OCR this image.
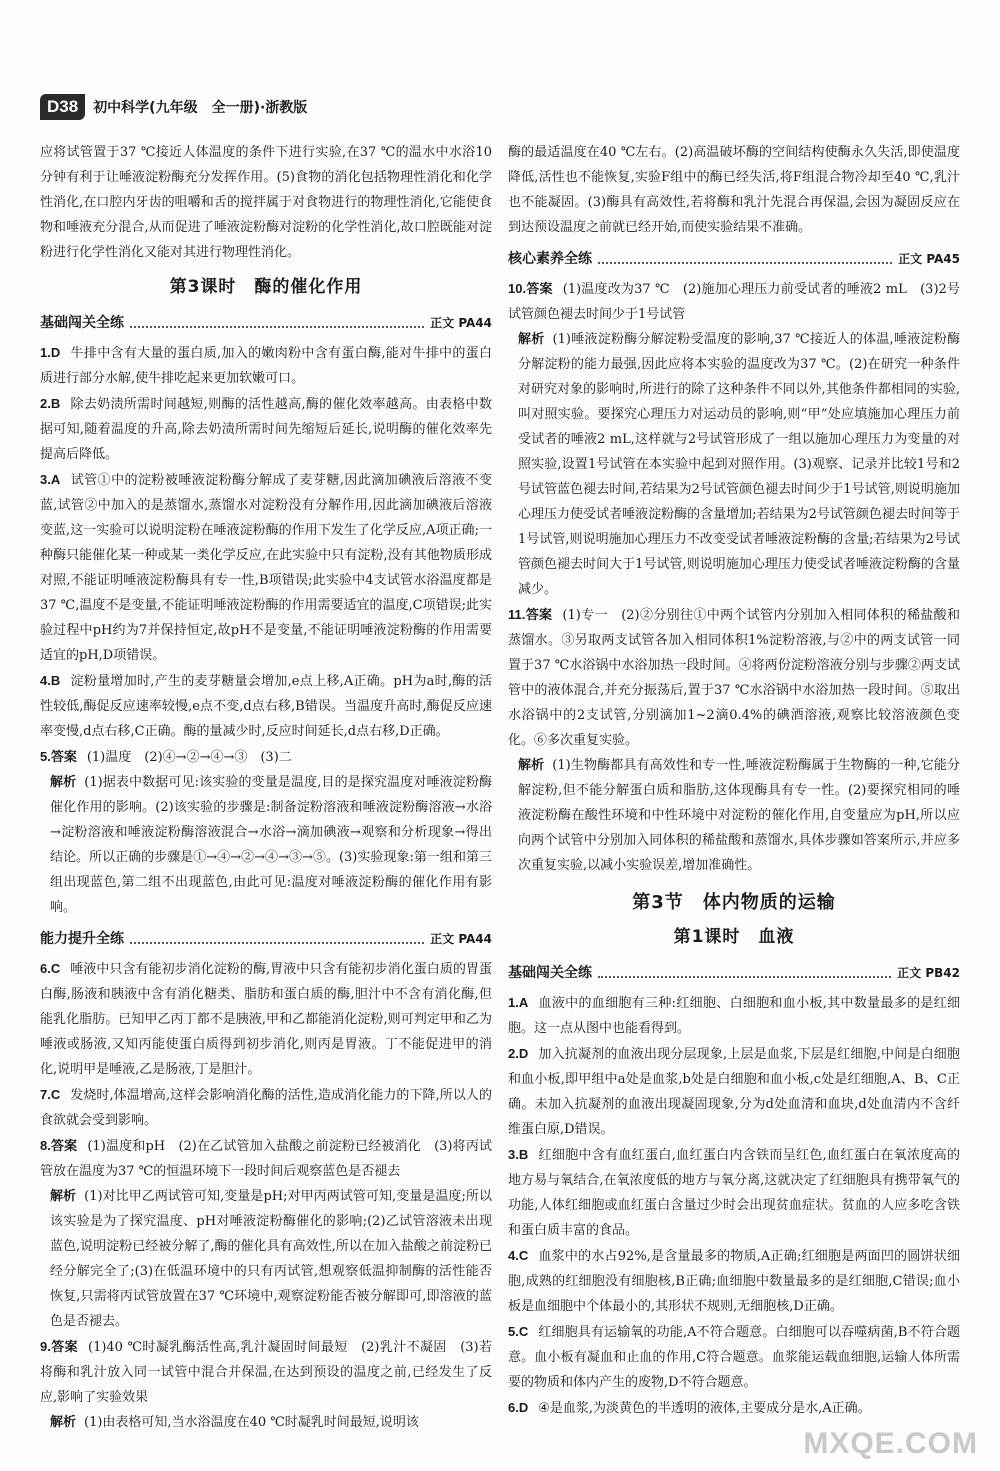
D38	初中科学(九年级　全一册)·浙教版

应将试管置于37 ℃接近人体温度的条件下进行实验,在37 ℃的温水中水浴10分钟有利于让唾液淀粉酶充分发挥作用。(5)食物的消化包括物理性消化和化学性消化,在口腔内牙齿的咀嚼和舌的搅拌属于对食物进行的物理性消化,它能使食物和唾液充分混合,从而促进了唾液淀粉酶对淀粉的化学性消化,故口腔既能对淀粉进行化学性消化又能对其进行物理性消化。

第3课时　酶的催化作用
基础闯关全练	正文 PA44

1.D 牛排中含有大量的蛋白质,加入的嫩肉粉中含有蛋白酶,能对牛排中的蛋白质进行部分水解,使牛排吃起来更加软嫩可口。

2.B 除去奶渍所需时间越短,则酶的活性越高,酶的催化效率越高。由表格中数据可知,随着温度的升高,除去奶渍所需时间先缩短后延长,说明酶的催化效率先提高后降低。

3.A 试管①中的淀粉被唾液淀粉酶分解成了麦芽糖,因此滴加碘液后溶液不变蓝,试管②中加入的是蒸馏水,蒸馏水对淀粉没有分解作用,因此滴加碘液后溶液变蓝,这一实验可以说明淀粉在唾液淀粉酶的作用下发生了化学反应,A项正确;一种酶只能催化某一种或某一类化学反应,在此实验中只有淀粉,没有其他物质形成对照,不能证明唾液淀粉酶具有专一性,B项错误;此实验中4支试管水浴温度都是37 ℃,温度不是变量,不能证明唾液淀粉酶的作用需要适宜的温度,C项错误;此实验过程中pH约为7并保持恒定,故pH不是变量,不能证明唾液淀粉酶的作用需要适宜的pH,D项错误。

4.B 淀粉量增加时,产生的麦芽糖量会增加,e点上移,A正确。pH为a时,酶的活性较低,酶促反应速率较慢,e点不变,d点右移,B错误。当温度升高时,酶促反应速率变慢,d点右移,C正确。酶的量减少时,反应时间延长,d点右移,D正确。

5.答案 (1)温度　(2)④→②→④→③　(3)二

解析 (1)据表中数据可见:该实验的变量是温度,目的是探究温度对唾液淀粉酶催化作用的影响。(2)该实验的步骤是:制备淀粉溶液和唾液淀粉酶溶液→水浴→淀粉溶液和唾液淀粉酶溶液混合→水浴→滴加碘液→观察和分析现象→得出结论。所以正确的步骤是①→④→②→④→③→⑤。(3)实验现象:第一组和第三组出现蓝色,第二组不出现蓝色,由此可见:温度对唾液淀粉酶的催化作用有影响。

能力提升全练	正文 PA44

6.C 唾液中只含有能初步消化淀粉的酶,胃液中只含有能初步消化蛋白质的胃蛋白酶,肠液和胰液中含有消化糖类、脂肪和蛋白质的酶,胆汁中不含有消化酶,但能乳化脂肪。已知甲乙丙丁都不是胰液,甲和乙都能消化淀粉,则可判定甲和乙为唾液或肠液,又知丙能使蛋白质得到初步消化,则丙是胃液。丁不能促进甲的消化,说明甲是唾液,乙是肠液,丁是胆汁。

7.C 发烧时,体温增高,这样会影响消化酶的活性,造成消化能力的下降,所以人的食欲就会受到影响。

8.答案 (1)温度和pH　(2)在乙试管加入盐酸之前淀粉已经被消化　(3)将丙试管放在温度为37 ℃的恒温环境下一段时间后观察蓝色是否褪去

解析 (1)对比甲乙两试管可知,变量是pH;对甲丙两试管可知,变量是温度;所以该实验是为了探究温度、pH对唾液淀粉酶催化的影响;(2)乙试管溶液未出现蓝色,说明淀粉已经被分解了,酶的催化具有高效性,所以在加入盐酸之前淀粉已经分解完全了;(3)在低温环境中的只有丙试管,想观察低温抑制酶的活性能否恢复,只需将丙试管放置在37 ℃环境中,观察淀粉能否被分解即可,即溶液的蓝色是否褪去。

9.答案 (1)40 ℃时凝乳酶活性高,乳汁凝固时间最短　(2)乳汁不凝固　(3)若将酶和乳汁放入同一试管中混合并保温,在达到预设的温度之前,已经发生了反应,影响了实验效果

解析 (1)由表格可知,当水浴温度在40 ℃时凝乳时间最短,说明该

酶的最适温度在40 ℃左右。(2)高温破坏酶的空间结构使酶永久失活,即使温度降低,活性也不能恢复,实验F组中的酶已经失活,将F组混合物冷却至40 ℃,乳汁也不能凝固。(3)酶具有高效性,若将酶和乳汁先混合再保温,会因为凝固反应在到达预设温度之前就已经开始,而使实验结果不准确。

核心素养全练	正文 PA45

10.答案 (1)温度改为37 ℃　(2)施加心理压力前受试者的唾液2 mL　(3)2号试管颜色褪去时间少于1号试管

解析 (1)唾液淀粉酶分解淀粉受温度的影响,37 ℃接近人的体温,唾液淀粉酶分解淀粉的能力最强,因此应将本实验的温度改为37 ℃。(2)在研究一种条件对研究对象的影响时,所进行的除了这种条件不同以外,其他条件都相同的实验,叫对照实验。要探究心理压力对运动员的影响,则“甲”处应填施加心理压力前受试者的唾液2 mL,这样就与2号试管形成了一组以施加心理压力为变量的对照实验,设置1号试管在本实验中起到对照作用。(3)观察、记录并比较1号和2号试管蓝色褪去时间,若结果为2号试管颜色褪去时间少于1号试管,则说明施加心理压力使受试者唾液淀粉酶的含量增加;若结果为2号试管颜色褪去时间等于1号试管,则说明施加心理压力不改变受试者唾液淀粉酶的含量;若结果为2号试管颜色褪去时间大于1号试管,则说明施加心理压力使受试者唾液淀粉酶的含量减少。

11.答案 (1)专一　(2)②分别往①中两个试管内分别加入相同体积的稀盐酸和蒸馏水。③另取两支试管各加入相同体积1%淀粉溶液,与②中的两支试管一同置于37 ℃水浴锅中水浴加热一段时间。④将两份淀粉溶液分别与步骤②两支试管中的液体混合,并充分振荡后,置于37 ℃水浴锅中水浴加热一段时间。⑤取出水浴锅中的2支试管,分别滴加1~2滴0.4%的碘酒溶液,观察比较溶液颜色变化。⑥多次重复实验。

解析 (1)生物酶都具有高效性和专一性,唾液淀粉酶属于生物酶的一种,它能分解淀粉,但不能分解蛋白质和脂肪,这体现酶具有专一性。(2)要探究相同的唾液淀粉酶在酸性环境和中性环境中对淀粉的催化作用,自变量应为pH,所以应向两个试管中分别加入同体积的稀盐酸和蒸馏水,具体步骤如答案所示,并应多次重复实验,以减小实验误差,增加准确性。

第3节　体内物质的运输
第1课时　血液
基础闯关全练	正文 PB42

1.A 血液中的血细胞有三种:红细胞、白细胞和血小板,其中数量最多的是红细胞。这一点从图中也能看得到。

2.D 加入抗凝剂的血液出现分层现象,上层是血浆,下层是红细胞,中间是白细胞和血小板,即甲组中a处是血浆,b处是白细胞和血小板,c处是红细胞,A、B、C正确。未加入抗凝剂的血液出现凝固现象,分为d处血清和血块,d处血清内不含纤维蛋白原,D错误。

3.B 红细胞中含有血红蛋白,血红蛋白内含铁而呈红色,血红蛋白在氧浓度高的地方易与氧结合,在氧浓度低的地方与氧分离,这就决定了红细胞具有携带氧气的功能,人体红细胞或血红蛋白含量过少时会出现贫血症状。贫血的人应多吃含铁和蛋白质丰富的食品。

4.C 血浆中的水占92%,是含量最多的物质,A正确;红细胞是两面凹的圆饼状细胞,成熟的红细胞没有细胞核,B正确;血细胞中数量最多的是红细胞,C错误;血小板是血细胞中个体最小的,其形状不规则,无细胞核,D正确。

5.C 红细胞具有运输氧的功能,A不符合题意。白细胞可以吞噬病菌,B不符合题意。血小板有凝血和止血的作用,C符合题意。血浆能运载血细胞,运输人体所需要的物质和体内产生的废物,D不符合题意。

6.D ④是血浆,为淡黄色的半透明的液体,主要成分是水,A正确。

MXQE.COM
